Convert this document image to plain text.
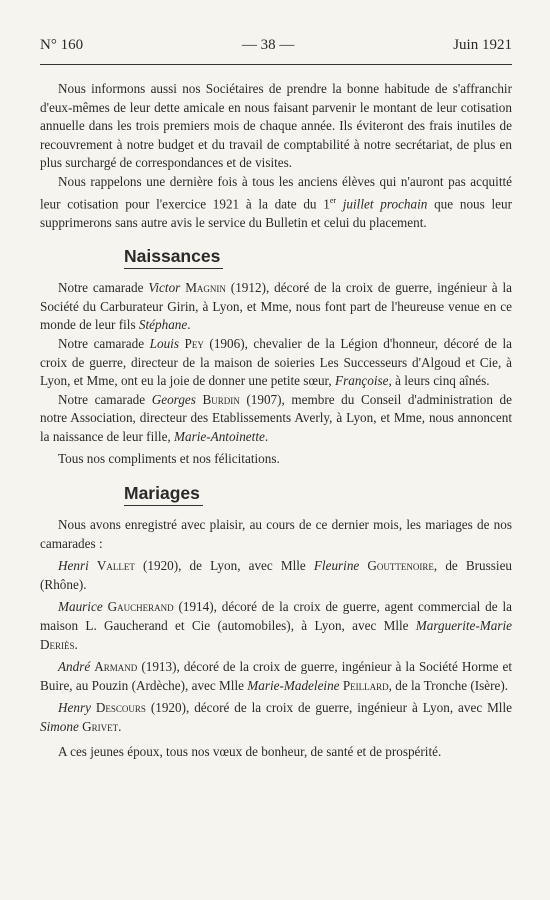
N° 160	— 38 —	Juin 1921

Nous informons aussi nos Sociétaires de prendre la bonne habitude de s'affranchir d'eux-mêmes de leur dette amicale en nous faisant parvenir le montant de leur cotisation annuelle dans les trois premiers mois de chaque année. Ils éviteront des frais inutiles de recouvrement à notre budget et du travail de comptabilité à notre secrétariat, de plus en plus surchargé de correspondances et de visites.

Nous rappelons une dernière fois à tous les anciens élèves qui n'auront pas acquitté leur cotisation pour l'exercice 1921 à la date du 1er juillet prochain que nous leur supprimerons sans autre avis le service du Bulletin et celui du placement.

Naissances

Notre camarade Victor Magnin (1912), décoré de la croix de guerre, ingénieur à la Société du Carburateur Girin, à Lyon, et Mme, nous font part de l'heureuse venue en ce monde de leur fils Stéphane.

Notre camarade Louis Pey (1906), chevalier de la Légion d'honneur, décoré de la croix de guerre, directeur de la maison de soieries Les Successeurs d'Algoud et Cie, à Lyon, et Mme, ont eu la joie de donner une petite sœur, Françoise, à leurs cinq aînés.

Notre camarade Georges Burdin (1907), membre du Conseil d'administration de notre Association, directeur des Etablissements Averly, à Lyon, et Mme, nous annoncent la naissance de leur fille, Marie-Antoinette.

Tous nos compliments et nos félicitations.

Mariages

Nous avons enregistré avec plaisir, au cours de ce dernier mois, les mariages de nos camarades :

Henri Vallet (1920), de Lyon, avec Mlle Fleurine Gouttenoire, de Brussieu (Rhône).

Maurice Gaucherand (1914), décoré de la croix de guerre, agent commercial de la maison L. Gaucherand et Cie (automobiles), à Lyon, avec Mlle Marguerite-Marie Deriès.

André Armand (1913), décoré de la croix de guerre, ingénieur à la Société Horme et Buire, au Pouzin (Ardèche), avec Mlle Marie-Madeleine Peillard, de la Tronche (Isère).

Henry Descours (1920), décoré de la croix de guerre, ingénieur à Lyon, avec Mlle Simone Grivet.

A ces jeunes époux, tous nos vœux de bonheur, de santé et de prospérité.
